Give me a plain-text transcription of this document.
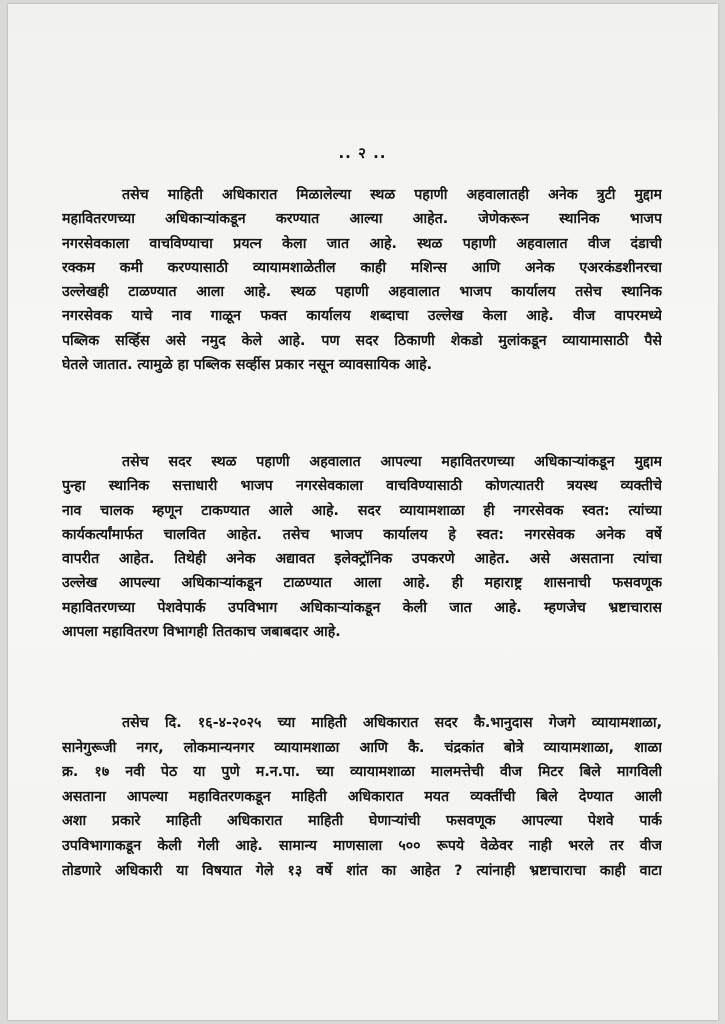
.. २ ..
तसेच माहिती अधिकारात मिळालेल्या स्थळ पहाणी अहवालातही अनेक त्रुटी मुद्दाम
महावितरणच्या अधिकाऱ्यांकडून करण्यात आल्या आहेत. जेणेकरून स्थानिक भाजप
नगरसेवकाला वाचविण्याचा प्रयत्न केला जात आहे. स्थळ पहाणी अहवालात वीज दंडाची
रक्कम कमी करण्यासाठी व्यायामशाळेतील काही मशिन्स आणि अनेक एअरकंडशीनरचा
उल्लेखही टाळण्यात आला आहे. स्थळ पहाणी अहवालात भाजप कार्यालय तसेच स्थानिक
नगरसेवक याचे नाव गाळून फक्त कार्यालय शब्दाचा उल्लेख केला आहे. वीज वापरमध्ये
पब्लिक सर्व्हिस असे नमुद केले आहे. पण सदर ठिकाणी शेकडो मुलांकडून व्यायामासाठी पैसे
घेतले जातात. त्यामुळे हा पब्लिक सर्व्हीस प्रकार नसून व्यावसायिक आहे.
तसेच सदर स्थळ पहाणी अहवालात आपल्या महावितरणच्या अधिकाऱ्यांकडून मुद्दाम
पुन्हा स्थानिक सत्ताधारी भाजप नगरसेवकाला वाचविण्यासाठी कोणत्यातरी त्रयस्थ व्यक्तीचे
नाव चालक म्हणून टाकण्यात आले आहे. सदर व्यायामशाळा ही नगरसेवक स्वत: त्यांच्या
कार्यकर्त्यांमार्फत चालवित आहेत. तसेच भाजप कार्यालय हे स्वत: नगरसेवक अनेक वर्षे
वापरीत आहेत. तिथेही अनेक अद्यावत इलेक्ट्रॉनिक उपकरणे आहेत. असे असताना त्यांचा
उल्लेख आपल्या अधिकाऱ्यांकडून टाळण्यात आला आहे. ही महाराष्ट्र शासनाची फसवणूक
महावितरणच्या पेशवेपार्क उपविभाग अधिकाऱ्यांकडून केली जात आहे. म्हणजेच भ्रष्टाचारास
आपला महावितरण विभागही तितकाच जबाबदार आहे.
तसेच दि. १६-४-२०२५ च्या माहिती अधिकारात सदर कै.भानुदास गेजगे व्यायामशाळा,
सानेगुरूजी नगर, लोकमान्यनगर व्यायामशाळा आणि कै. चंद्रकांत बोत्रे व्यायामशाळा, शाळा
क्र. १७ नवी पेठ या पुणे म.न.पा. च्या व्यायामशाळा मालमत्तेची वीज मिटर बिले मागविली
असताना आपल्या महावितरणकडून माहिती अधिकारात मयत व्यक्तींची बिले देण्यात आली
अशा प्रकारे माहिती अधिकारात माहिती घेणाऱ्यांची फसवणूक आपल्या पेशवे पार्क
उपविभागाकडून केली गेली आहे. सामान्य माणसाला ५०० रूपये वेळेवर नाही भरले तर वीज
तोडणारे अधिकारी या विषयात गेले १३ वर्षे शांत का आहेत ? त्यांनाही भ्रष्टाचाराचा काही वाटा
